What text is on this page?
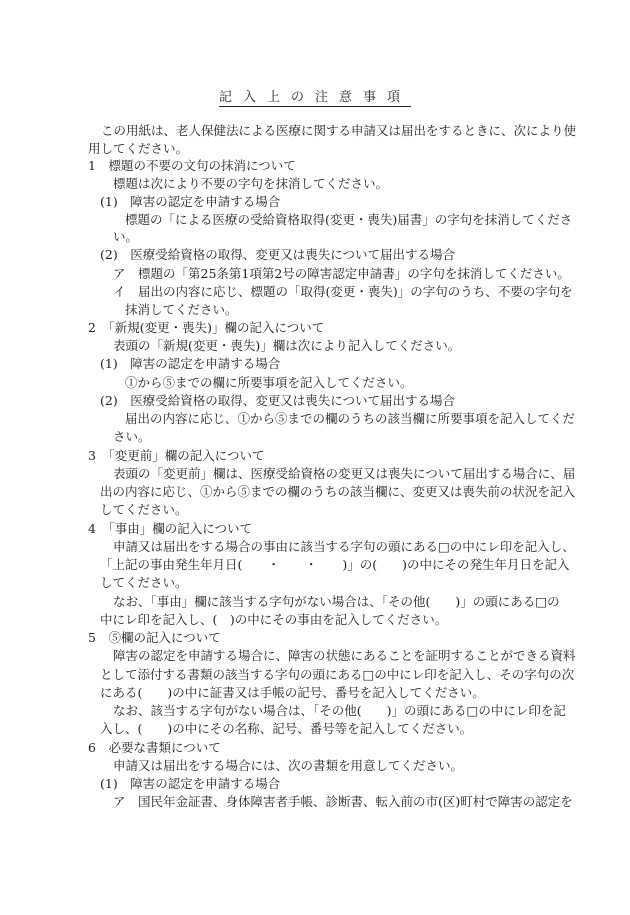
記入上の注意事項
この用紙は、老人保健法による医療に関する申請又は届出をするときに、次により使
用してください。
1　標題の不要の文句の抹消について
標題は次により不要の字句を抹消してください。
(1)　障害の認定を申請する場合
標題の「による医療の受給資格取得(変更・喪失)届書」の字句を抹消してくださ
い。
(2)　医療受給資格の取得、変更又は喪失について届出する場合
ア　標題の「第25条第1項第2号の障害認定申請書」の字句を抹消してください。
イ　届出の内容に応じ、標題の「取得(変更・喪失)」の字句のうち、不要の字句を
抹消してください。
2　「新規(変更・喪失)」欄の記入について
表頭の「新規(変更・喪失)」欄は次により記入してください。
(1)　障害の認定を申請する場合
①から⑤までの欄に所要事項を記入してください。
(2)　医療受給資格の取得、変更又は喪失について届出する場合
届出の内容に応じ、①から⑤までの欄のうちの該当欄に所要事項を記入してくだ
さい。
3　「変更前」欄の記入について
表頭の「変更前」欄は、医療受給資格の変更又は喪失について届出する場合に、届
出の内容に応じ、①から⑤までの欄のうちの該当欄に、変更又は喪失前の状況を記入
してください。
4　「事由」欄の記入について
申請又は届出をする場合の事由に該当する字句の頭にある□の中にレ印を記入し、
「上記の事由発生年月日(　　・　　・　　)」の(　　)の中にその発生年月日を記入
してください。
なお、「事由」欄に該当する字句がない場合は、「その他(　　)」の頭にある□の
中にレ印を記入し、(　)の中にその事由を記入してください。
5　⑤欄の記入について
障害の認定を申請する場合に、障害の状態にあることを証明することができる資料
として添付する書類の該当する字句の頭にある□の中にレ印を記入し、その字句の次
にある(　　)の中に証書又は手帳の記号、番号を記入してください。
なお、該当する字句がない場合は、「その他(　　)」の頭にある□の中にレ印を記
入し、(　　)の中にその名称、記号、番号等を記入してください。
6　必要な書類について
申請又は届出をする場合には、次の書類を用意してください。
(1)　障害の認定を申請する場合
ア　国民年金証書、身体障害者手帳、診断書、転入前の市(区)町村で障害の認定を
